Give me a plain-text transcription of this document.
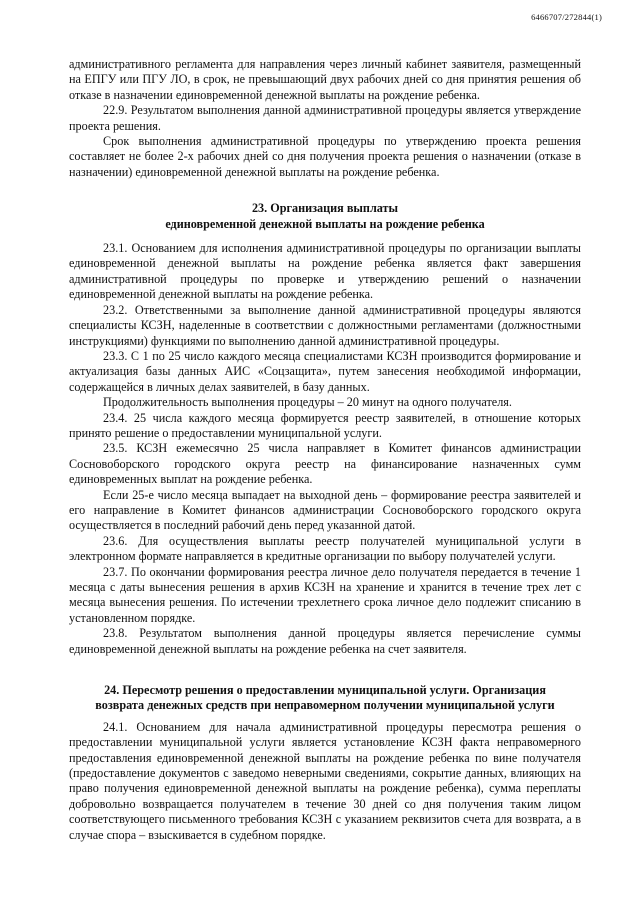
6466707/272844(1)

административного регламента для направления через личный кабинет заявителя, размещенный на ЕПГУ или ПГУ ЛО, в срок, не превышающий двух рабочих дней со дня принятия решения об отказе в назначении единовременной денежной выплаты на рождение ребенка.

22.9. Результатом выполнения данной административной процедуры является утверждение проекта решения.

Срок выполнения административной процедуры по утверждению проекта решения составляет не более 2-х рабочих дней со дня получения проекта решения о назначении (отказе в назначении) единовременной денежной выплаты на рождение ребенка.

23. Организация выплаты

единовременной денежной выплаты на рождение ребенка

23.1. Основанием для исполнения административной процедуры по организации выплаты единовременной денежной выплаты на рождение ребенка является факт завершения административной процедуры по проверке и утверждению решений о назначении единовременной денежной выплаты на рождение ребенка.

23.2. Ответственными за выполнение данной административной процедуры являются специалисты КСЗН, наделенные в соответствии с должностными регламентами (должностными инструкциями) функциями по выполнению данной административной процедуры.

23.3. С 1 по 25 число каждого месяца специалистами КСЗН производится формирование и актуализация базы данных АИС «Соцзащита», путем занесения необходимой информации, содержащейся в личных делах заявителей, в базу данных.

Продолжительность выполнения процедуры – 20 минут на одного получателя.

23.4. 25 числа каждого месяца формируется реестр заявителей, в отношение которых принято решение о предоставлении муниципальной услуги.

23.5. КСЗН ежемесячно 25 числа направляет в Комитет финансов администрации Сосновоборского городского округа реестр на финансирование назначенных сумм единовременных выплат на рождение ребенка.

Если 25-е число месяца выпадает на выходной день – формирование реестра заявителей и его направление в Комитет финансов администрации Сосновоборского городского округа осуществляется в последний рабочий день перед указанной датой.

23.6. Для осуществления выплаты реестр получателей муниципальной услуги в электронном формате направляется в кредитные организации по выбору получателей услуги.

23.7. По окончании формирования реестра личное дело получателя передается в течение 1 месяца с даты вынесения решения в архив КСЗН на хранение и хранится в течение трех лет с месяца вынесения решения. По истечении трехлетнего срока личное дело подлежит списанию в установленном порядке.

23.8. Результатом выполнения данной процедуры является перечисление суммы единовременной денежной выплаты на рождение ребенка на счет заявителя.

24. Пересмотр решения о предоставлении муниципальной услуги. Организация

возврата денежных средств при неправомерном получении муниципальной услуги

24.1. Основанием для начала административной процедуры пересмотра решения о предоставлении муниципальной услуги является установление КСЗН факта неправомерного предоставления единовременной денежной выплаты на рождение ребенка по вине получателя (предоставление документов с заведомо неверными сведениями, сокрытие данных, влияющих на право получения единовременной денежной выплаты на рождение ребенка), сумма переплаты добровольно возвращается получателем в течение 30 дней со дня получения таким лицом соответствующего письменного требования КСЗН с указанием реквизитов счета для возврата, а в случае спора – взыскивается в судебном порядке.
